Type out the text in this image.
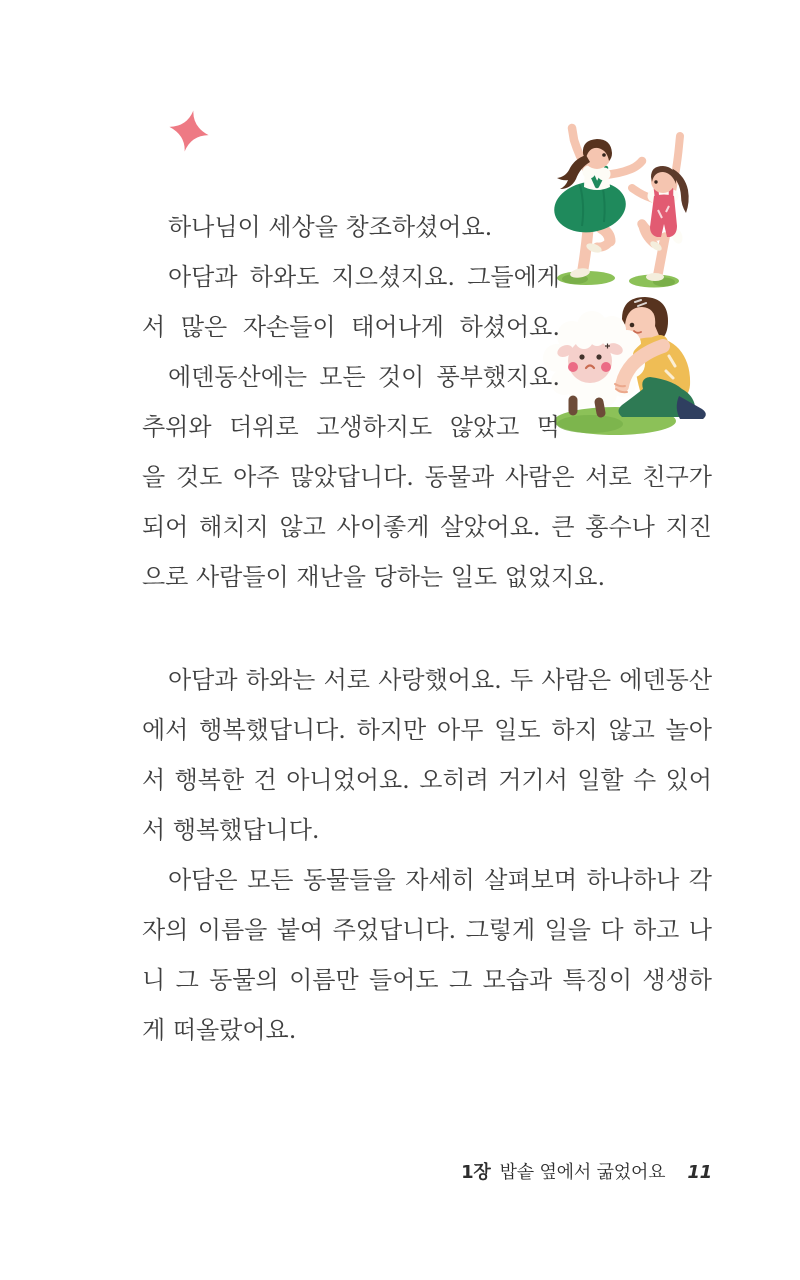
하나님이 세상을 창조하셨어요.
아담과 하와도 지으셨지요. 그들에게
서 많은 자손들이 태어나게 하셨어요.
에덴동산에는 모든 것이 풍부했지요.
추위와 더위로 고생하지도 않았고 먹
을 것도 아주 많았답니다. 동물과 사람은 서로 친구가
되어 해치지 않고 사이좋게 살았어요. 큰 홍수나 지진
으로 사람들이 재난을 당하는 일도 없었지요.
아담과 하와는 서로 사랑했어요. 두 사람은 에덴동산
에서 행복했답니다. 하지만 아무 일도 하지 않고 놀아
서 행복한 건 아니었어요. 오히려 거기서 일할 수 있어
서 행복했답니다.
아담은 모든 동물들을 자세히 살펴보며 하나하나 각
자의 이름을 붙여 주었답니다. 그렇게 일을 다 하고 나
니 그 동물의 이름만 들어도 그 모습과 특징이 생생하
게 떠올랐어요.
1장 밥솥 옆에서 굶었어요 11
